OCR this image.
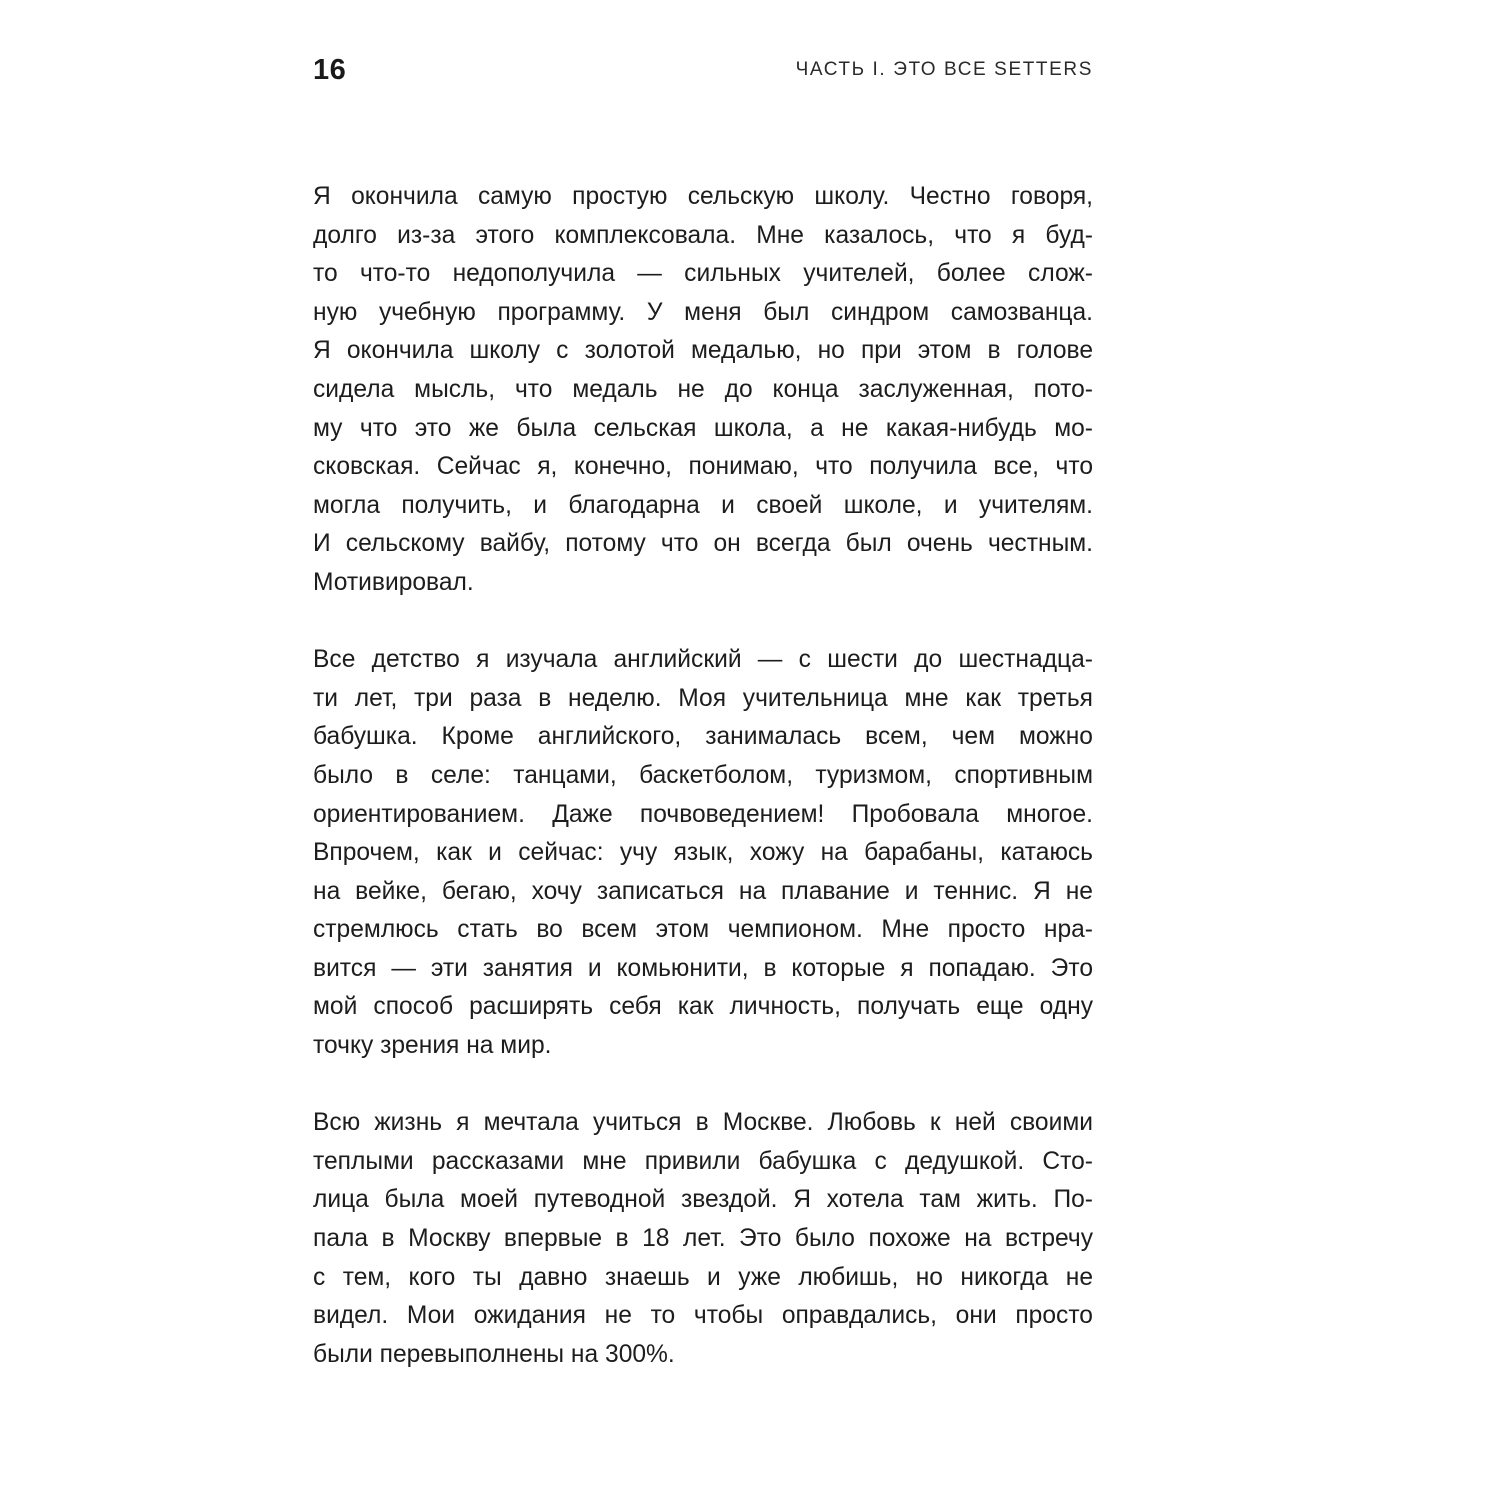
16	ЧАСТЬ I. ЭТО ВСЕ SETTERS

Я окончила самую простую сельскую школу. Честно говоря,
долго из-за этого комплексовала. Мне казалось, что я буд-
то что-то недополучила — сильных учителей, более слож-
ную учебную программу. У меня был синдром самозванца.
Я окончила школу с золотой медалью, но при этом в голове
сидела мысль, что медаль не до конца заслуженная, пото-
му что это же была сельская школа, а не какая-нибудь мо-
сковская. Сейчас я, конечно, понимаю, что получила все, что
могла получить, и благодарна и своей школе, и учителям.
И сельскому вайбу, потому что он всегда был очень честным.
Мотивировал.

Все детство я изучала английский — с шести до шестнадца-
ти лет, три раза в неделю. Моя учительница мне как третья
бабушка. Кроме английского, занималась всем, чем можно
было в селе: танцами, баскетболом, туризмом, спортивным
ориентированием. Даже почвоведением! Пробовала многое.
Впрочем, как и сейчас: учу язык, хожу на барабаны, катаюсь
на вейке, бегаю, хочу записаться на плавание и теннис. Я не
стремлюсь стать во всем этом чемпионом. Мне просто нра-
вится — эти занятия и комьюнити, в которые я попадаю. Это
мой способ расширять себя как личность, получать еще одну
точку зрения на мир.

Всю жизнь я мечтала учиться в Москве. Любовь к ней своими
теплыми рассказами мне привили бабушка с дедушкой. Сто-
лица была моей путеводной звездой. Я хотела там жить. По-
пала в Москву впервые в 18 лет. Это было похоже на встречу
с тем, кого ты давно знаешь и уже любишь, но никогда не
видел. Мои ожидания не то чтобы оправдались, они просто
были перевыполнены на 300%.
